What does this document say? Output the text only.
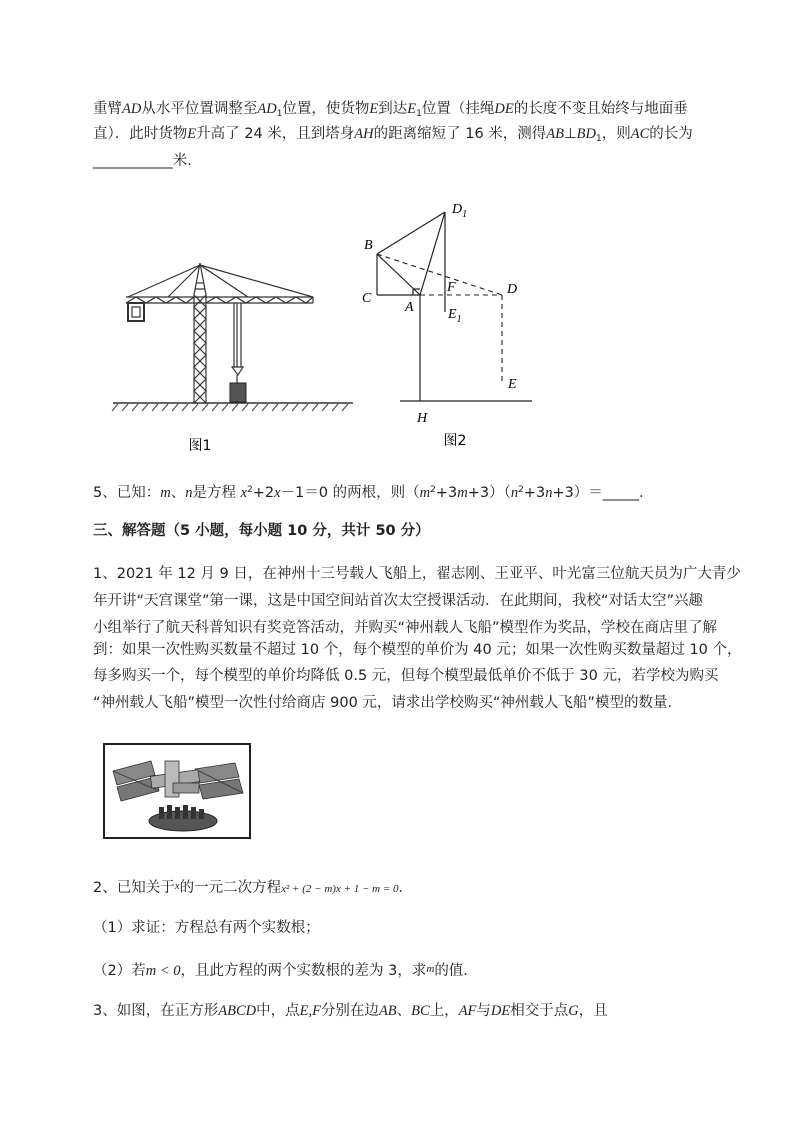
重臂AD从水平位置调整至$AD_1$位置，使货物E到达$E_1$位置（挂绳DE的长度不变且始终与地面垂
直）．此时货物E升高了 24 米，且到塔身AH的距离缩短了 16 米，测得$AB\perp BD_1$，则AC的长为
___________米．
图1
$D_1$
B
C
A
F	D
$E_1$
E
H
图2
5、已知：m、n是方程 $x^2+2x-1=0$ 的两根，则$(m^2+3m+3)(n^2+3n+3)=\_\_\_\_\_$．
三、解答题（5 小题，每小题 10 分，共计 50 分）
1、2021 年 12 月 9 日，在神州十三号载人飞船上，翟志刚、王亚平、叶光富三位航天员为广大青少
年开讲“天宫课堂”第一课，这是中国空间站首次太空授课活动．在此期间，我校“对话太空”兴趣
小组举行了航天科普知识有奖竞答活动，并购买“神州载人飞船”模型作为奖品，学校在商店里了解
到：如果一次性购买数量不超过 10 个，每个模型的单价为 40 元；如果一次性购买数量超过 10 个，
每多购买一个，每个模型的单价均降低 0.5 元，但每个模型最低单价不低于 30 元，若学校为购买
“神州载人飞船”模型一次性付给商店 900 元，请求出学校购买“神州载人飞船”模型的数量．
2、已知关于$^x$的一元二次方程x² + (2 − m)x + 1 − m = 0．
（1）求证：方程总有两个实数根；
（2）若m < 0，且此方程的两个实数根的差为 3，求$^m$的值．
3、如图，在正方形ABCD中，点E,F分别在边AB、BC上，AF与DE相交于点G，且
